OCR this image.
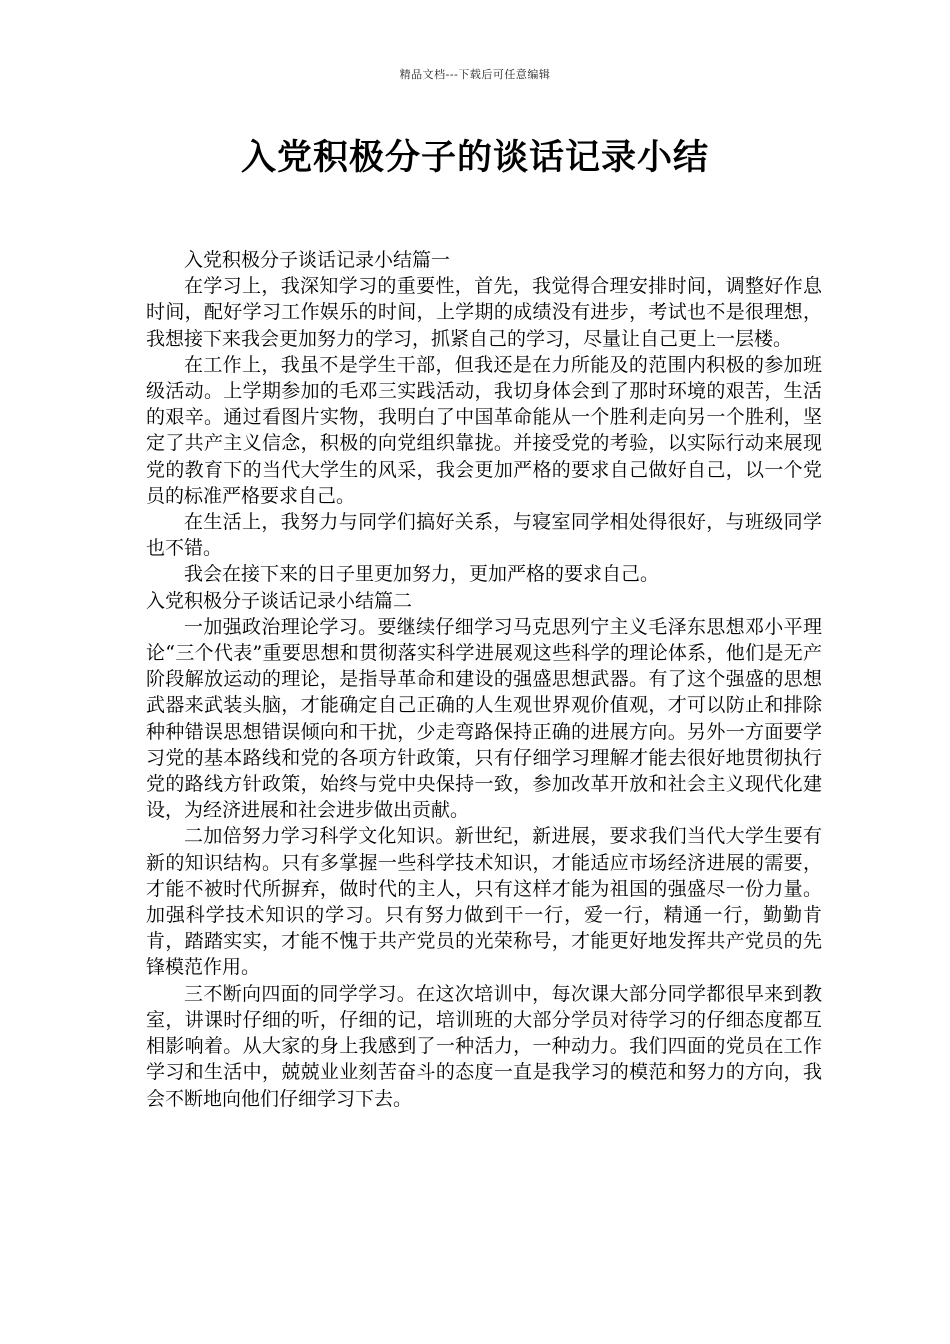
精品文档---下载后可任意编辑
入党积极分子的谈话记录小结

入党积极分子谈话记录小结篇一

在学习上，我深知学习的重要性，首先，我觉得合理安排时间，调整好作息时间，配好学习工作娱乐的时间，上学期的成绩没有进步，考试也不是很理想，我想接下来我会更加努力的学习，抓紧自己的学习，尽量让自己更上一层楼。

在工作上，我虽不是学生干部，但我还是在力所能及的范围内积极的参加班级活动。上学期参加的毛邓三实践活动，我切身体会到了那时环境的艰苦，生活的艰辛。通过看图片实物，我明白了中国革命能从一个胜利走向另一个胜利，坚定了共产主义信念，积极的向党组织靠拢。并接受党的考验，以实际行动来展现党的教育下的当代大学生的风采，我会更加严格的要求自己做好自己，以一个党员的标准严格要求自己。

在生活上，我努力与同学们搞好关系，与寝室同学相处得很好，与班级同学也不错。

我会在接下来的日子里更加努力，更加严格的要求自己。

入党积极分子谈话记录小结篇二

一加强政治理论学习。要继续仔细学习马克思列宁主义毛泽东思想邓小平理论“三个代表”重要思想和贯彻落实科学进展观这些科学的理论体系，他们是无产阶段解放运动的理论，是指导革命和建设的强盛思想武器。有了这个强盛的思想武器来武装头脑，才能确定自己正确的人生观世界观价值观，才可以防止和排除种种错误思想错误倾向和干扰，少走弯路保持正确的进展方向。另外一方面要学习党的基本路线和党的各项方针政策，只有仔细学习理解才能去很好地贯彻执行党的路线方针政策，始终与党中央保持一致，参加改革开放和社会主义现代化建设，为经济进展和社会进步做出贡献。

二加倍努力学习科学文化知识。新世纪，新进展，要求我们当代大学生要有新的知识结构。只有多掌握一些科学技术知识，才能适应市场经济进展的需要，才能不被时代所摒弃，做时代的主人，只有这样才能为祖国的强盛尽一份力量。加强科学技术知识的学习。只有努力做到干一行，爱一行，精通一行，勤勤肯肯，踏踏实实，才能不愧于共产党员的光荣称号，才能更好地发挥共产党员的先锋模范作用。

三不断向四面的同学学习。在这次培训中，每次课大部分同学都很早来到教室，讲课时仔细的听，仔细的记，培训班的大部分学员对待学习的仔细态度都互相影响着。从大家的身上我感到了一种活力，一种动力。我们四面的党员在工作学习和生活中，兢兢业业刻苦奋斗的态度一直是我学习的模范和努力的方向，我会不断地向他们仔细学习下去。
